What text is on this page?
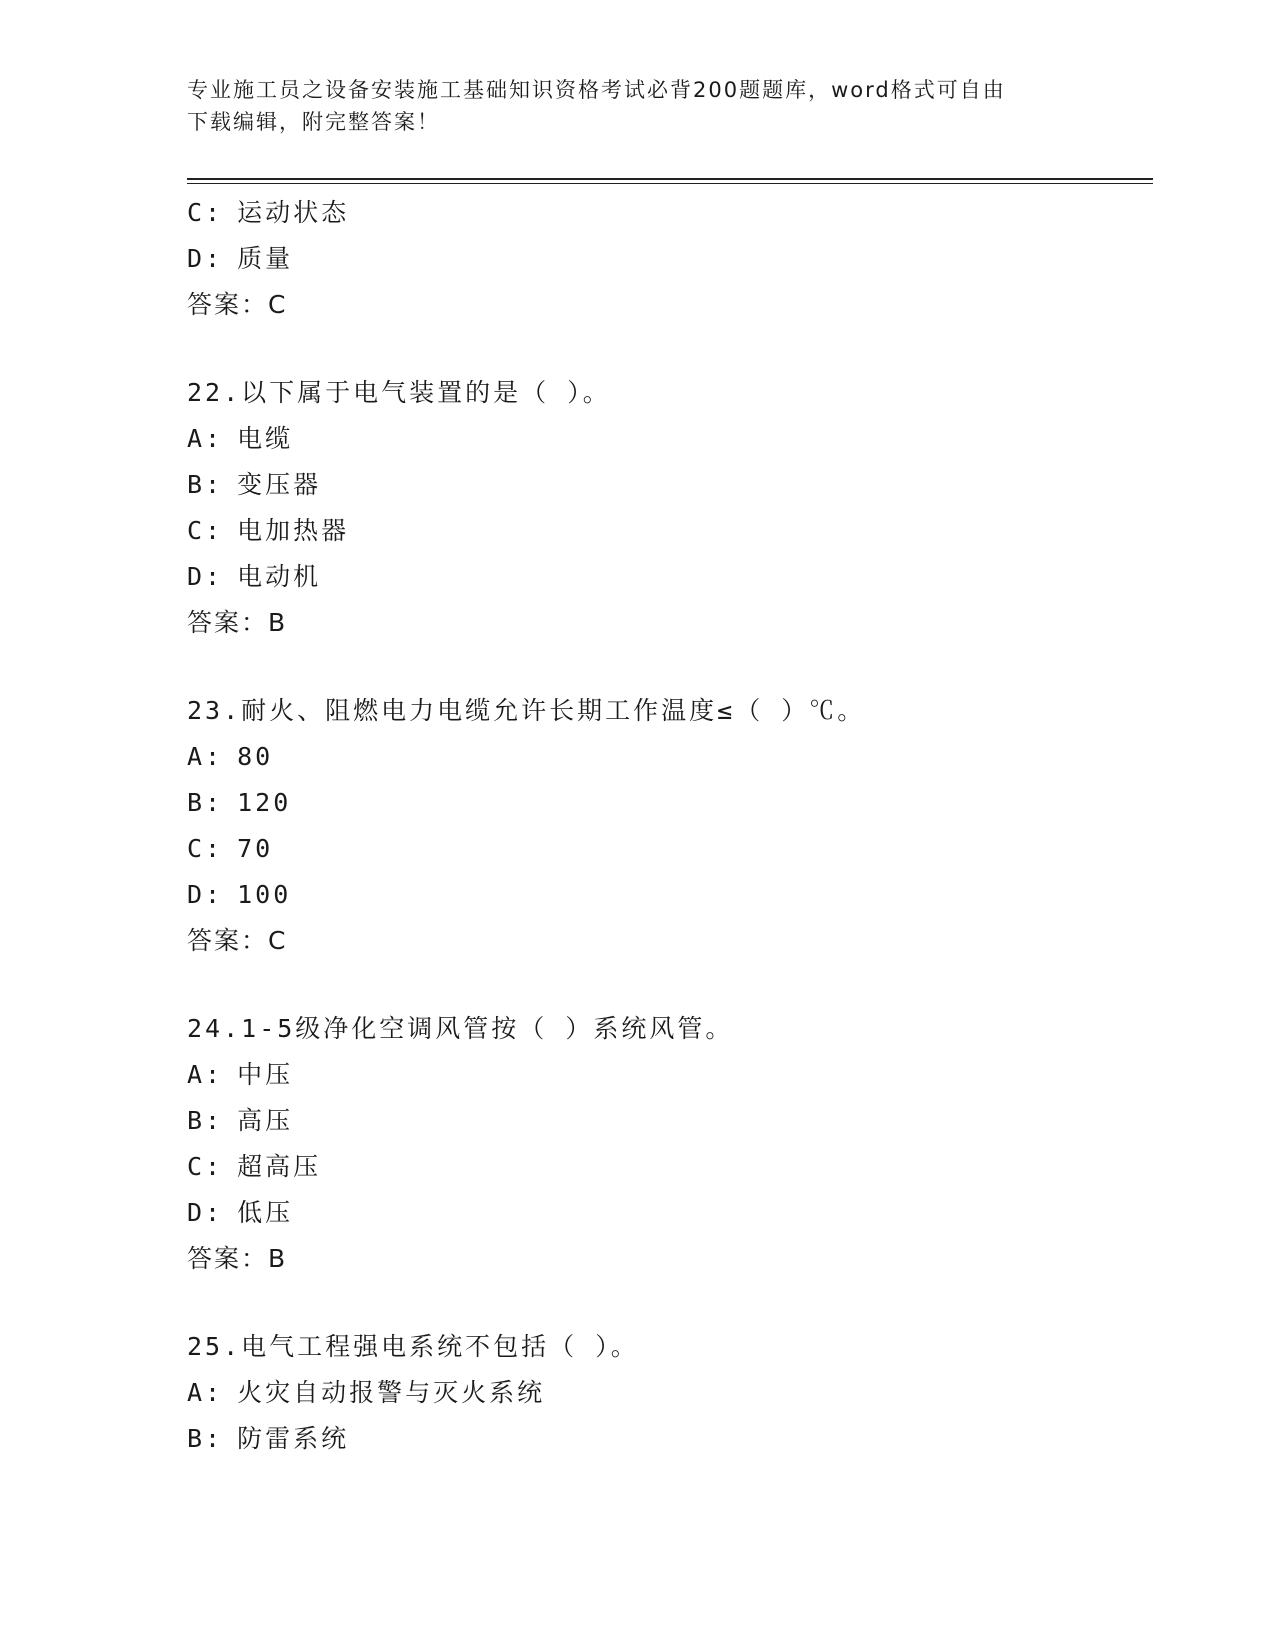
专业施工员之设备安装施工基础知识资格考试必背200题题库，word格式可自由
下载编辑，附完整答案！
C: 运动状态
D: 质量
答案：C
22.以下属于电气装置的是（ ）。
A: 电缆
B: 变压器
C: 电加热器
D: 电动机
答案：B
23.耐火、阻燃电力电缆允许长期工作温度≤（ ）℃。
A: 80
B: 120
C: 70
D: 100
答案：C
24.1-5级净化空调风管按（ ）系统风管。
A: 中压
B: 高压
C: 超高压
D: 低压
答案：B
25.电气工程强电系统不包括（ ）。
A: 火灾自动报警与灭火系统
B: 防雷系统
